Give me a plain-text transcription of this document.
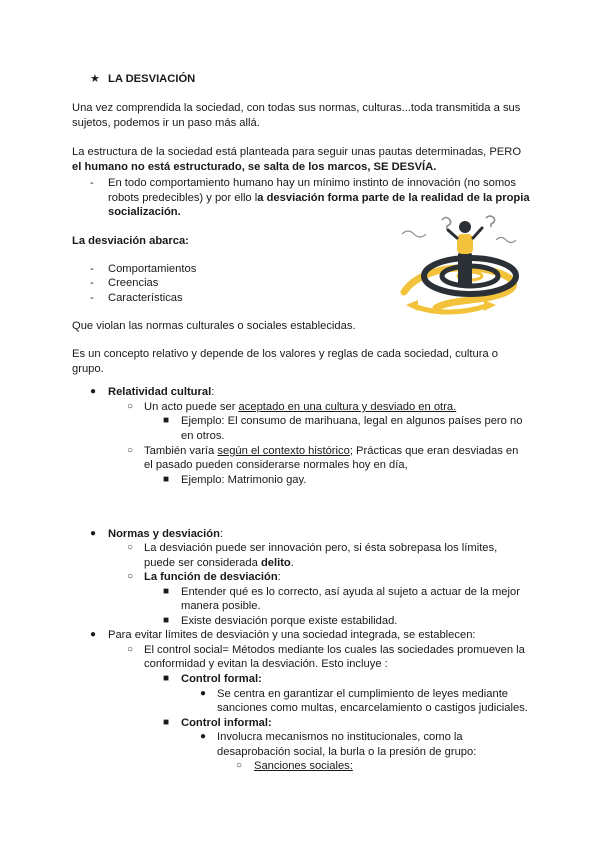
★ LA DESVIACIÓN
Una vez comprendida la sociedad, con todas sus normas, culturas...toda transmitida a sus
sujetos, podemos ir un paso más allá.
La estructura de la sociedad está planteada para seguir unas pautas determinadas, PERO
el humano no está estructurado, se salta de los marcos, SE DESVÍA.
- En todo comportamiento humano hay un mínimo instinto de innovación (no somos
robots predecibles) y por ello la desviación forma parte de la realidad de la propia
socialización.
La desviación abarca:
- Comportamientos
- Creencias
- Características
Que violan las normas culturales o sociales establecidas.
Es un concepto relativo y depende de los valores y reglas de cada sociedad, cultura o
grupo.
● Relatividad cultural:
○ Un acto puede ser aceptado en una cultura y desviado en otra.
■ Ejemplo: El consumo de marihuana, legal en algunos países pero no
en otros.
○ También varía según el contexto histórico; Prácticas que eran desviadas en
el pasado pueden considerarse normales hoy en día,
■ Ejemplo: Matrimonio gay.
● Normas y desviación:
○ La desviación puede ser innovación pero, si ésta sobrepasa los límites,
puede ser considerada delito.
○ La función de desviación:
■ Entender qué es lo correcto, así ayuda al sujeto a actuar de la mejor
manera posible.
■ Existe desviación porque existe estabilidad.
● Para evitar límites de desviación y una sociedad integrada, se establecen:
○ El control social= Métodos mediante los cuales las sociedades promueven la
conformidad y evitan la desviación. Esto incluye :
■ Control formal:
● Se centra en garantizar el cumplimiento de leyes mediante
sanciones como multas, encarcelamiento o castigos judiciales.
■ Control informal:
● Involucra mecanismos no institucionales, como la
desaprobación social, la burla o la presión de grupo:
○ Sanciones sociales:
